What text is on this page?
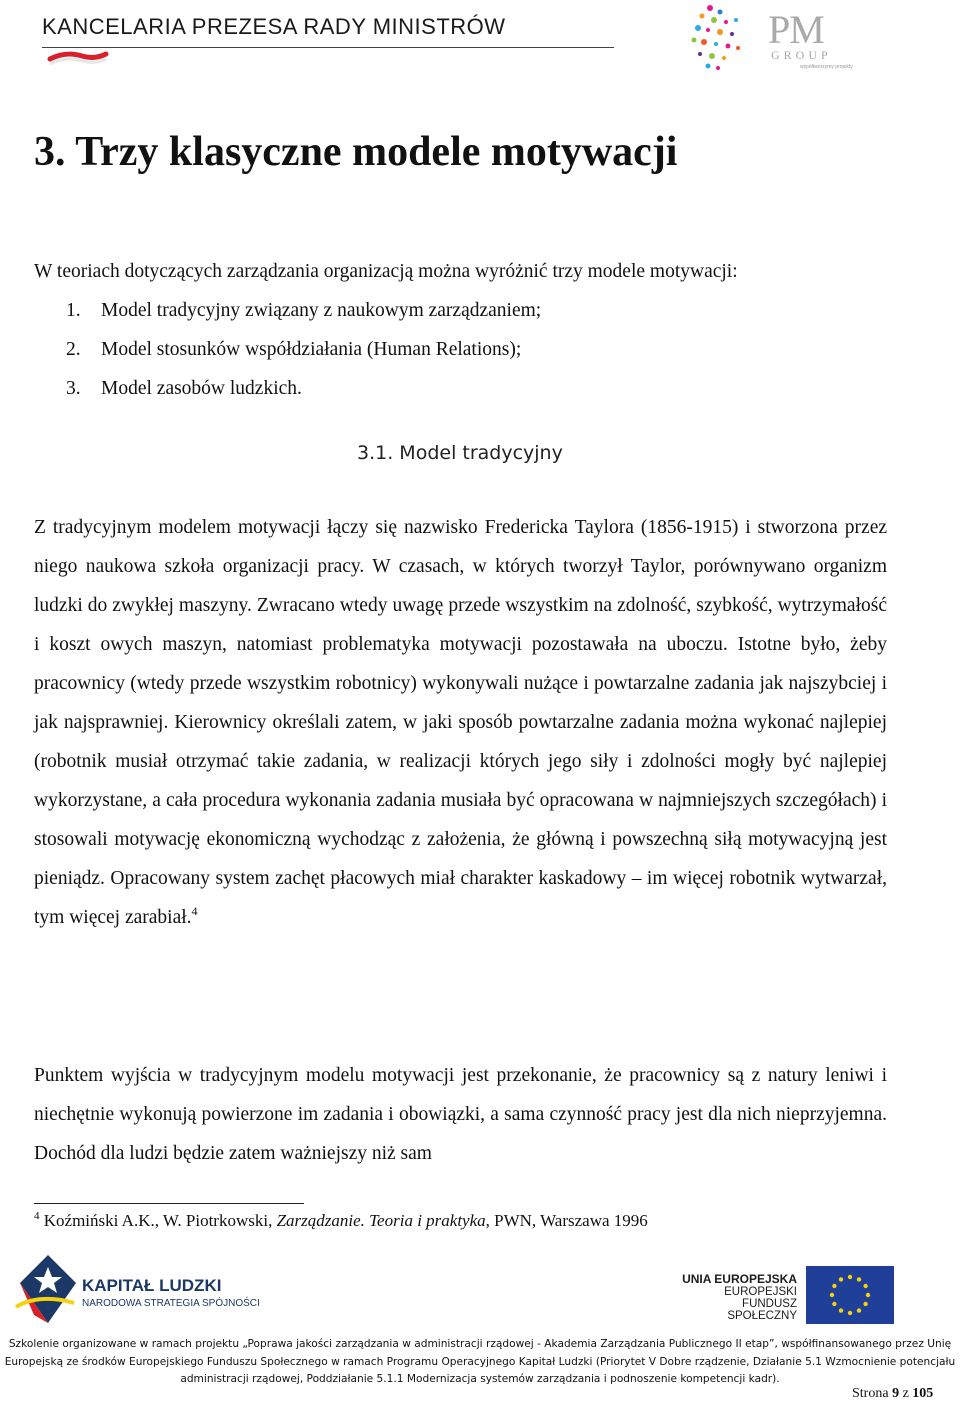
KANCELARIA PREZESA RADY MINISTRÓW	PM
GROUP
współtworzymy projekty
3. Trzy klasyczne modele motywacji
W teoriach dotyczących zarządzania organizacją można wyróżnić trzy modele motywacji:
1. Model tradycyjny związany z naukowym zarządzaniem;
2. Model stosunków współdziałania (Human Relations);
3. Model zasobów ludzkich.
3.1. Model tradycyjny
Z tradycyjnym modelem motywacji łączy się nazwisko Fredericka Taylora (1856-1915) i stworzona przez niego naukowa szkoła organizacji pracy. W czasach, w których tworzył Taylor, porównywano organizm ludzki do zwykłej maszyny. Zwracano wtedy uwagę przede wszystkim na zdolność, szybkość, wytrzymałość i koszt owych maszyn, natomiast problematyka motywacji pozostawała na uboczu. Istotne było, żeby pracownicy (wtedy przede wszystkim robotnicy) wykonywali nużące i powtarzalne zadania jak najszybciej i jak najsprawniej. Kierownicy określali zatem, w jaki sposób powtarzalne zadania można wykonać najlepiej (robotnik musiał otrzymać takie zadania, w realizacji których jego siły i zdolności mogły być najlepiej wykorzystane, a cała procedura wykonania zadania musiała być opracowana w najmniejszych szczegółach) i stosowali motywację ekonomiczną wychodząc z założenia, że główną i powszechną siłą motywacyjną jest pieniądz. Opracowany system zachęt płacowych miał charakter kaskadowy – im więcej robotnik wytwarzał, tym więcej zarabiał.$^4$
Punktem wyjścia w tradycyjnym modelu motywacji jest przekonanie, że pracownicy są z natury leniwi i niechętnie wykonują powierzone im zadania i obowiązki, a sama czynność pracy jest dla nich nieprzyjemna. Dochód dla ludzi będzie zatem ważniejszy niż sam
$^4$ Koźmiński A.K., W. Piotrkowski, Zarządzanie. Teoria i praktyka, PWN, Warszawa 1996
KAPITAŁ LUDZKI
NARODOWA STRATEGIA SPÓJNOŚCI
UNIA EUROPEJSKA
EUROPEJSKI
FUNDUSZ SPOŁECZNY
Szkolenie organizowane w ramach projektu „Poprawa jakości zarządzania w administracji rządowej - Akademia Zarządzania Publicznego II etap”, współfinansowanego przez Unię
Europejską ze środków Europejskiego Funduszu Społecznego w ramach Programu Operacyjnego Kapitał Ludzki (Priorytet V Dobre rządzenie, Działanie 5.1 Wzmocnienie potencjału
administracji rządowej, Poddziałanie 5.1.1 Modernizacja systemów zarządzania i podnoszenie kompetencji kadr).
Strona 9 z 105
